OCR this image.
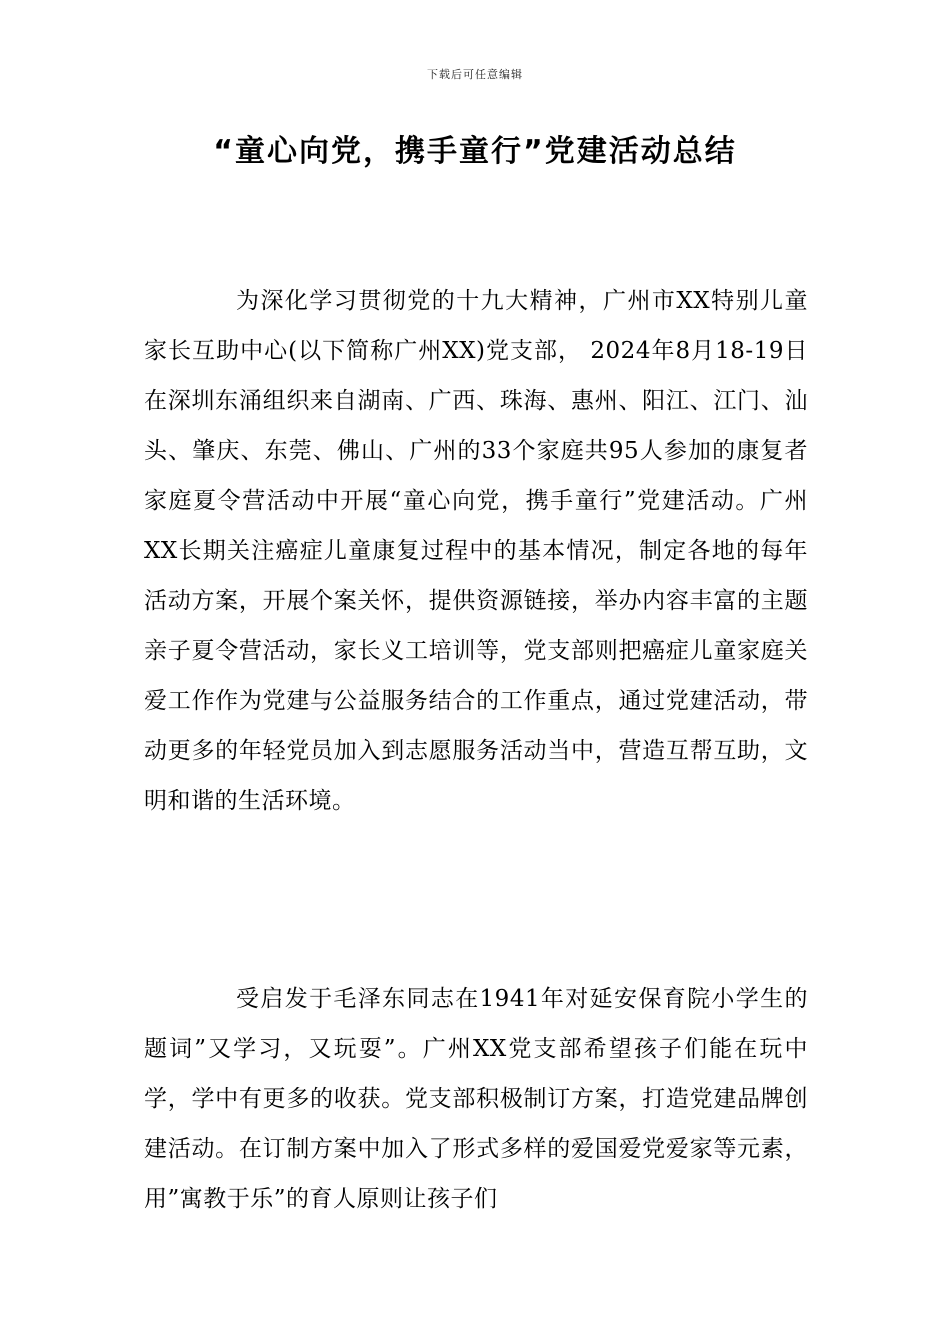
下载后可任意编辑
“童心向党，携手童行”党建活动总结

为深化学习贯彻党的十九大精神，广州市XX特别儿童家长互助中心(以下简称广州XX)党支部， 2024年8月18-19日在深圳东涌组织来自湖南、广西、珠海、惠州、阳江、江门、汕头、肇庆、东莞、佛山、广州的33个家庭共95人参加的康复者家庭夏令营活动中开展“童心向党，携手童行”党建活动。广州XX长期关注癌症儿童康复过程中的基本情况，制定各地的每年活动方案，开展个案关怀，提供资源链接，举办内容丰富的主题亲子夏令营活动，家长义工培训等，党支部则把癌症儿童家庭关爱工作作为党建与公益服务结合的工作重点，通过党建活动，带动更多的年轻党员加入到志愿服务活动当中，营造互帮互助，文明和谐的生活环境。

受启发于毛泽东同志在1941年对延安保育院小学生的题词”又学习，又玩耍”。广州XX党支部希望孩子们能在玩中学，学中有更多的收获。党支部积极制订方案，打造党建品牌创建活动。在订制方案中加入了形式多样的爱国爱党爱家等元素，用”寓教于乐”的育人原则让孩子们
